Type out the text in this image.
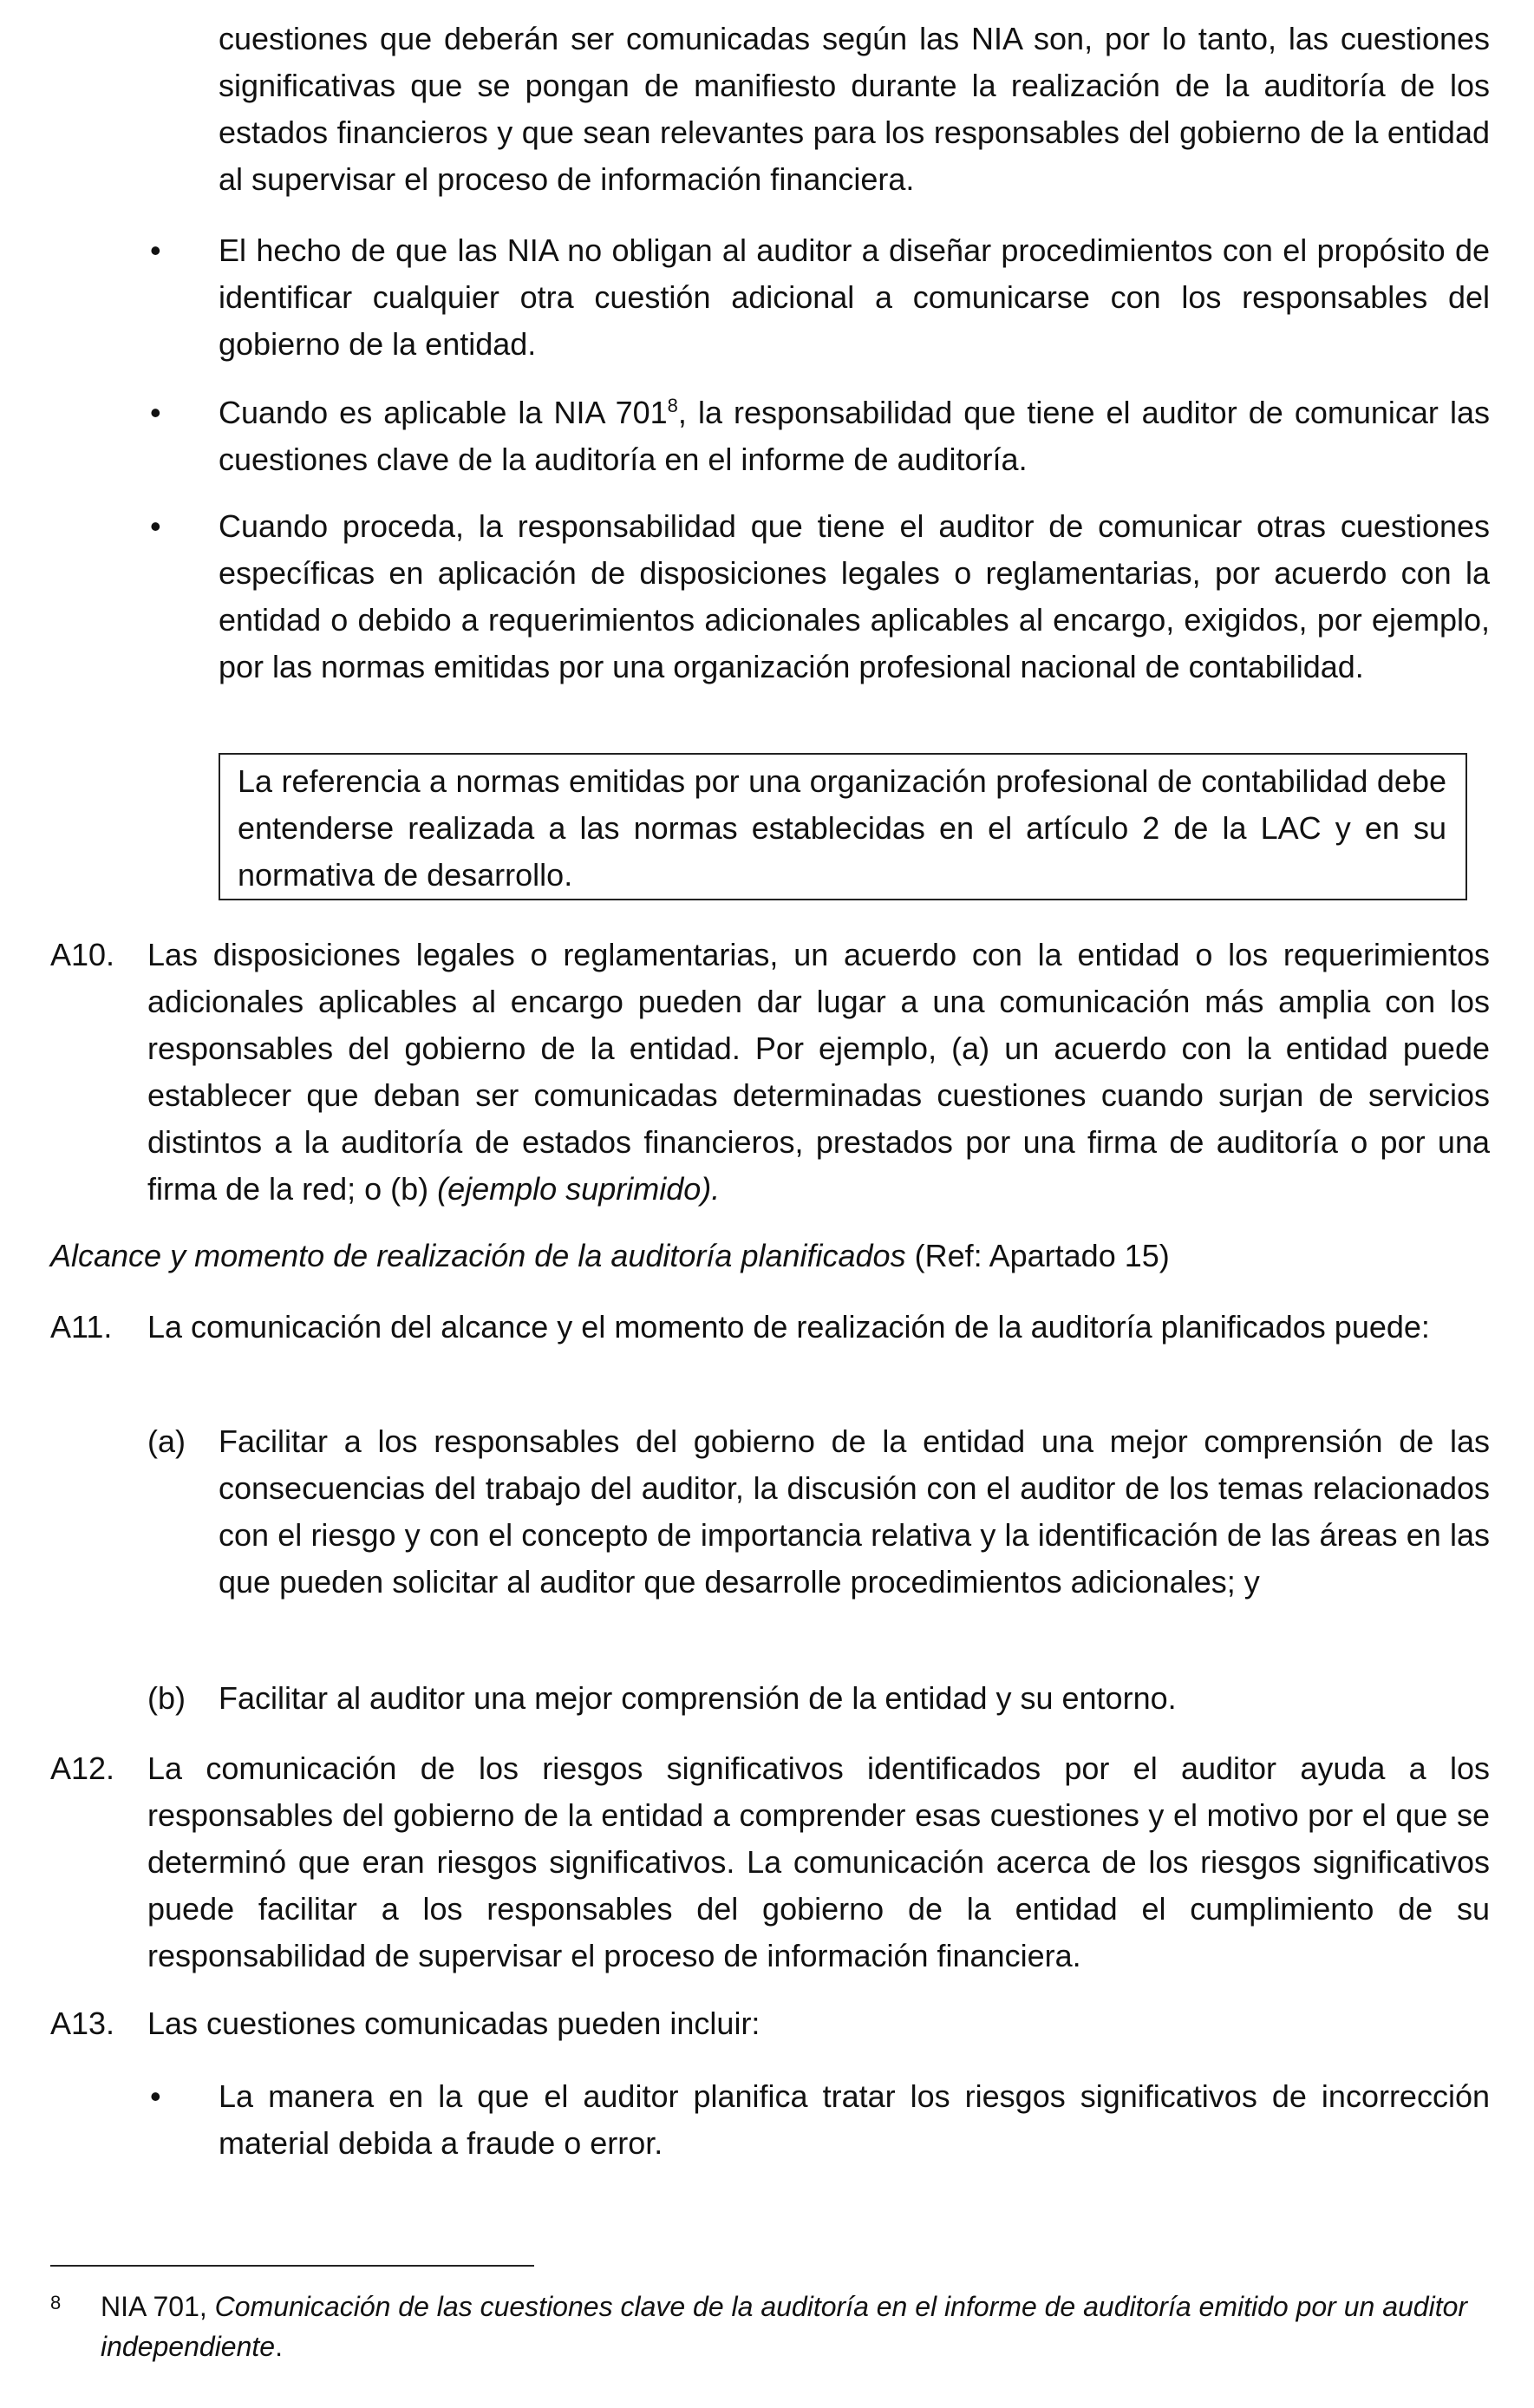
cuestiones que deberán ser comunicadas según las NIA son, por lo tanto, las cuestiones significativas que se pongan de manifiesto durante la realización de la auditoría de los estados financieros y que sean relevantes para los responsables del gobierno de la entidad al supervisar el proceso de información financiera.

• El hecho de que las NIA no obligan al auditor a diseñar procedimientos con el propósito de identificar cualquier otra cuestión adicional a comunicarse con los responsables del gobierno de la entidad.

• Cuando es aplicable la NIA $701^8$, la responsabilidad que tiene el auditor de comunicar las cuestiones clave de la auditoría en el informe de auditoría.

• Cuando proceda, la responsabilidad que tiene el auditor de comunicar otras cuestiones específicas en aplicación de disposiciones legales o reglamentarias, por acuerdo con la entidad o debido a requerimientos adicionales aplicables al encargo, exigidos, por ejemplo, por las normas emitidas por una organización profesional nacional de contabilidad.

La referencia a normas emitidas por una organización profesional de contabilidad debe entenderse realizada a las normas establecidas en el artículo 2 de la LAC y en su normativa de desarrollo.

A10. Las disposiciones legales o reglamentarias, un acuerdo con la entidad o los requerimientos adicionales aplicables al encargo pueden dar lugar a una comunicación más amplia con los responsables del gobierno de la entidad. Por ejemplo, (a) un acuerdo con la entidad puede establecer que deban ser comunicadas determinadas cuestiones cuando surjan de servicios distintos a la auditoría de estados financieros, prestados por una firma de auditoría o por una firma de la red; o (b) (ejemplo suprimido).

Alcance y momento de realización de la auditoría planificados (Ref: Apartado 15)

A11. La comunicación del alcance y el momento de realización de la auditoría planificados puede:

(a) Facilitar a los responsables del gobierno de la entidad una mejor comprensión de las consecuencias del trabajo del auditor, la discusión con el auditor de los temas relacionados con el riesgo y con el concepto de importancia relativa y la identificación de las áreas en las que pueden solicitar al auditor que desarrolle procedimientos adicionales; y

(b) Facilitar al auditor una mejor comprensión de la entidad y su entorno.

A12. La comunicación de los riesgos significativos identificados por el auditor ayuda a los responsables del gobierno de la entidad a comprender esas cuestiones y el motivo por el que se determinó que eran riesgos significativos. La comunicación acerca de los riesgos significativos puede facilitar a los responsables del gobierno de la entidad el cumplimiento de su responsabilidad de supervisar el proceso de información financiera.

A13. Las cuestiones comunicadas pueden incluir:

• La manera en la que el auditor planifica tratar los riesgos significativos de incorrección material debida a fraude o error.

8 NIA 701, Comunicación de las cuestiones clave de la auditoría en el informe de auditoría emitido por un auditor independiente.
